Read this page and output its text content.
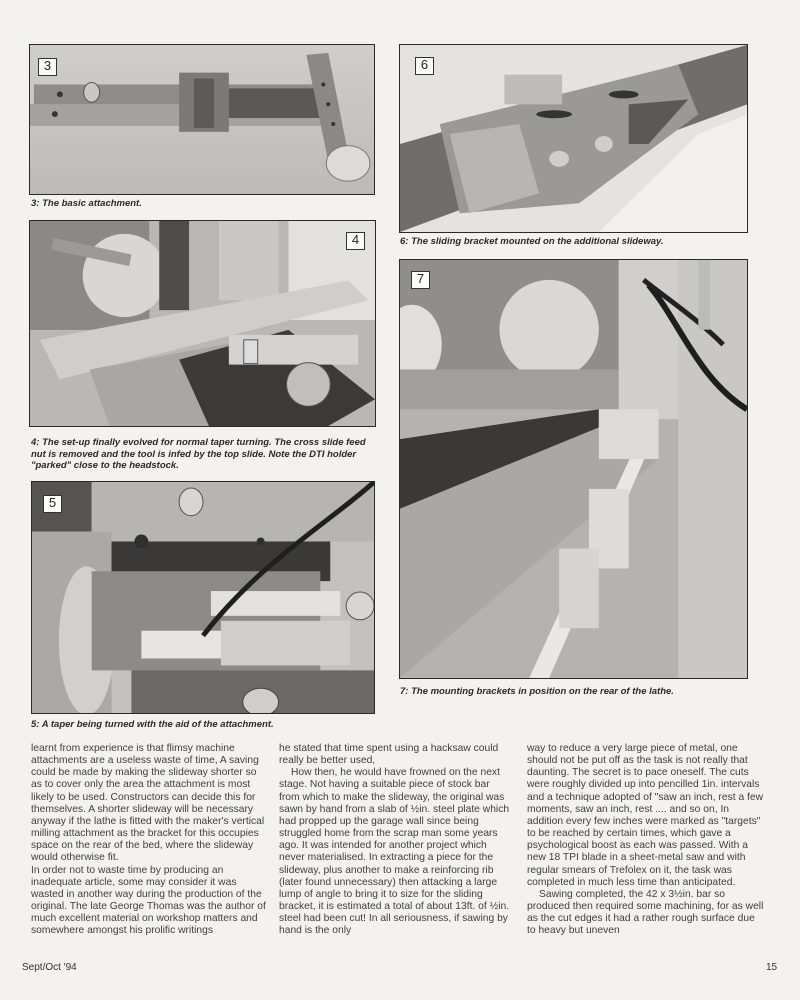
3
3: The basic attachment.
4
4: The set-up finally evolved for normal taper turning. The cross slide feed nut is removed and the tool is infed by the top slide. Note the DTI holder "parked" close to the headstock.
5
5: A taper being turned with the aid of the attachment.
6
6: The sliding bracket mounted on the additional slideway.
7
7: The mounting brackets in position on the rear of the lathe.

learnt from experience is that flimsy machine attachments are a useless waste of time, A saving could be made by making the slideway shorter so as to cover only the area the attachment is most likely to be used. Constructors can decide this for themselves. A shorter slideway will be necessary anyway if the lathe is fitted with the maker's vertical milling attachment as the bracket for this occupies space on the rear of the bed, where the slideway would otherwise fit.

In order not to waste time by producing an inadequate article, some may consider it was wasted in another way during the production of the original. The late George Thomas was the author of much excellent material on workshop matters and somewhere amongst his prolific writings

he stated that time spent using a hacksaw could really be better used,

How then, he would have frowned on the next stage. Not having a suitable piece of stock bar from which to make the slideway, the original was sawn by hand from a slab of ½in. steel plate which had propped up the garage wall since being struggled home from the scrap man some years ago. It was intended for another project which never materialised. In extracting a piece for the slideway, plus another to make a reinforcing rib (later found unnecessary) then attacking a large lump of angle to bring it to size for the sliding bracket, it is estimated a total of about 13ft. of ½in. steel had been cut! In all seriousness, if sawing by hand is the only

way to reduce a very large piece of metal, one should not be put off as the task is not really that daunting. The secret is to pace oneself. The cuts were roughly divided up into pencilled 1in. intervals and a technique adopted of "saw an inch, rest a few moments, saw an inch, rest .... and so on, In addition every few inches were marked as "targets" to be reached by certain times, which gave a psychological boost as each was passed. With a new 18 TPI blade in a sheet-metal saw and with regular smears of Trefolex on it, the task was completed in much less time than anticipated.

Sawing completed, the 42 x 3½in. bar so produced then required some machining, for as well as the cut edges it had a rather rough surface due to heavy but uneven

Sept/Oct '94	15
